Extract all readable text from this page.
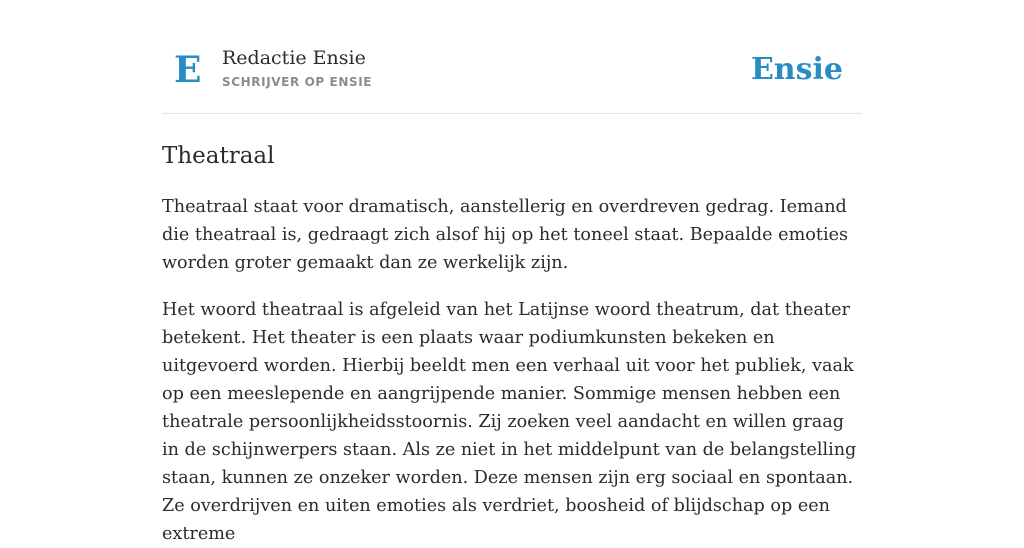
E Redactie Ensie
SCHRIJVER OP ENSIE	Ensie
Theatraal

Theatraal staat voor dramatisch, aanstellerig en overdreven gedrag. Iemand die theatraal is, gedraagt zich alsof hij op het toneel staat. Bepaalde emoties worden groter gemaakt dan ze werkelijk zijn.

Het woord theatraal is afgeleid van het Latijnse woord theatrum, dat theater betekent. Het theater is een plaats waar podiumkunsten bekeken en uitgevoerd worden. Hierbij beeldt men een verhaal uit voor het publiek, vaak op een meeslepende en aangrijpende manier. Sommige mensen hebben een theatrale persoonlijkheidsstoornis. Zij zoeken veel aandacht en willen graag in de schijnwerpers staan. Als ze niet in het middelpunt van de belangstelling staan, kunnen ze onzeker worden. Deze mensen zijn erg sociaal en spontaan. Ze overdrijven en uiten emoties als verdriet, boosheid of blijdschap op een extreme
